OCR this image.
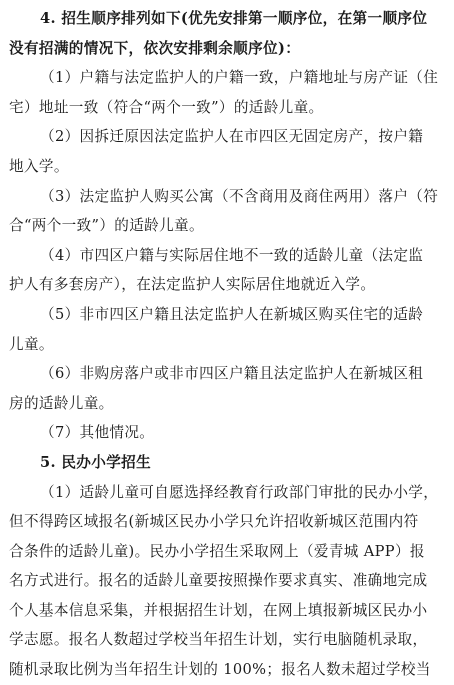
4. 招生顺序排列如下(优先安排第一顺序位，在第一顺序位
没有招满的情况下，依次安排剩余顺序位)：
（1）户籍与法定监护人的户籍一致，户籍地址与房产证（住
宅）地址一致（符合“两个一致”）的适龄儿童。
（2）因拆迁原因法定监护人在市四区无固定房产，按户籍
地入学。
（3）法定监护人购买公寓（不含商用及商住两用）落户（符
合“两个一致”）的适龄儿童。
（4）市四区户籍与实际居住地不一致的适龄儿童（法定监
护人有多套房产），在法定监护人实际居住地就近入学。
（5）非市四区户籍且法定监护人在新城区购买住宅的适龄
儿童。
（6）非购房落户或非市四区户籍且法定监护人在新城区租
房的适龄儿童。
（7）其他情况。
5. 民办小学招生
（1）适龄儿童可自愿选择经教育行政部门审批的民办小学，
但不得跨区域报名(新城区民办小学只允许招收新城区范围内符
合条件的适龄儿童)。民办小学招生采取网上（爱青城 APP）报
名方式进行。报名的适龄儿童要按照操作要求真实、准确地完成
个人基本信息采集，并根据招生计划，在网上填报新城区民办小
学志愿。报名人数超过学校当年招生计划，实行电脑随机录取，
随机录取比例为当年招生计划的 100%；报名人数未超过学校当
